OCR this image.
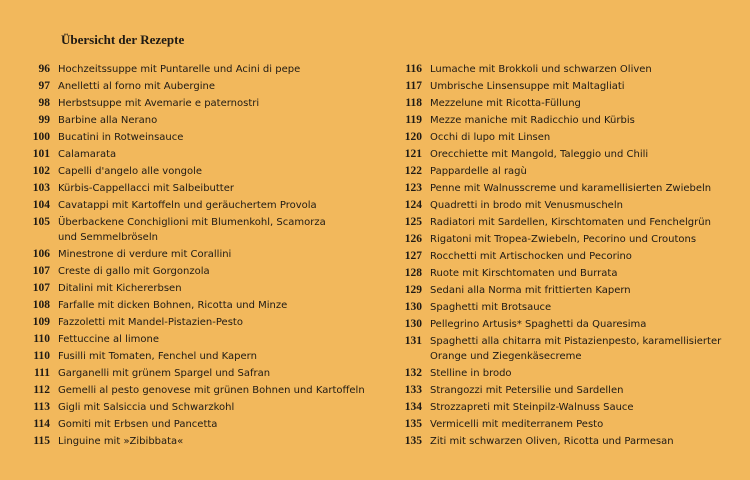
Übersicht der Rezepte
96 Hochzeitssuppe mit Puntarelle und Acini di pepe
97 Anelletti al forno mit Aubergine
98 Herbstsuppe mit Avemarie e paternostri
99 Barbine alla Nerano
100 Bucatini in Rotweinsauce
101 Calamarata
102 Capelli d'angelo alle vongole
103 Kürbis-Cappellacci mit Salbeibutter
104 Cavatappi mit Kartoffeln und geräuchertem Provola
105 Überbackene Conchiglioni mit Blumenkohl, Scamorza
und Semmelbröseln
106 Minestrone di verdure mit Corallini
107 Creste di gallo mit Gorgonzola
107 Ditalini mit Kichererbsen
108 Farfalle mit dicken Bohnen, Ricotta und Minze
109 Fazzoletti mit Mandel-Pistazien-Pesto
110 Fettuccine al limone
110 Fusilli mit Tomaten, Fenchel und Kapern
111 Garganelli mit grünem Spargel und Safran
112 Gemelli al pesto genovese mit grünen Bohnen und Kartoffeln
113 Gigli mit Salsiccia und Schwarzkohl
114 Gomiti mit Erbsen und Pancetta
115 Linguine mit »Zibibbata«
116 Lumache mit Brokkoli und schwarzen Oliven
117 Umbrische Linsensuppe mit Maltagliati
118 Mezzelune mit Ricotta-Füllung
119 Mezze maniche mit Radicchio und Kürbis
120 Occhi di lupo mit Linsen
121 Orecchiette mit Mangold, Taleggio und Chili
122 Pappardelle al ragù
123 Penne mit Walnusscreme und karamellisierten Zwiebeln
124 Quadretti in brodo mit Venusmuscheln
125 Radiatori mit Sardellen, Kirschtomaten und Fenchelgrün
126 Rigatoni mit Tropea-Zwiebeln, Pecorino und Croutons
127 Rocchetti mit Artischocken und Pecorino
128 Ruote mit Kirschtomaten und Burrata
129 Sedani alla Norma mit frittierten Kapern
130 Spaghetti mit Brotsauce
130 Pellegrino Artusis* Spaghetti da Quaresima
131 Spaghetti alla chitarra mit Pistazienpesto, karamellisierter
Orange und Ziegenkäsecreme
132 Stelline in brodo
133 Strangozzi mit Petersilie und Sardellen
134 Strozzapreti mit Steinpilz-Walnuss Sauce
135 Vermicelli mit mediterranem Pesto
135 Ziti mit schwarzen Oliven, Ricotta und Parmesan
